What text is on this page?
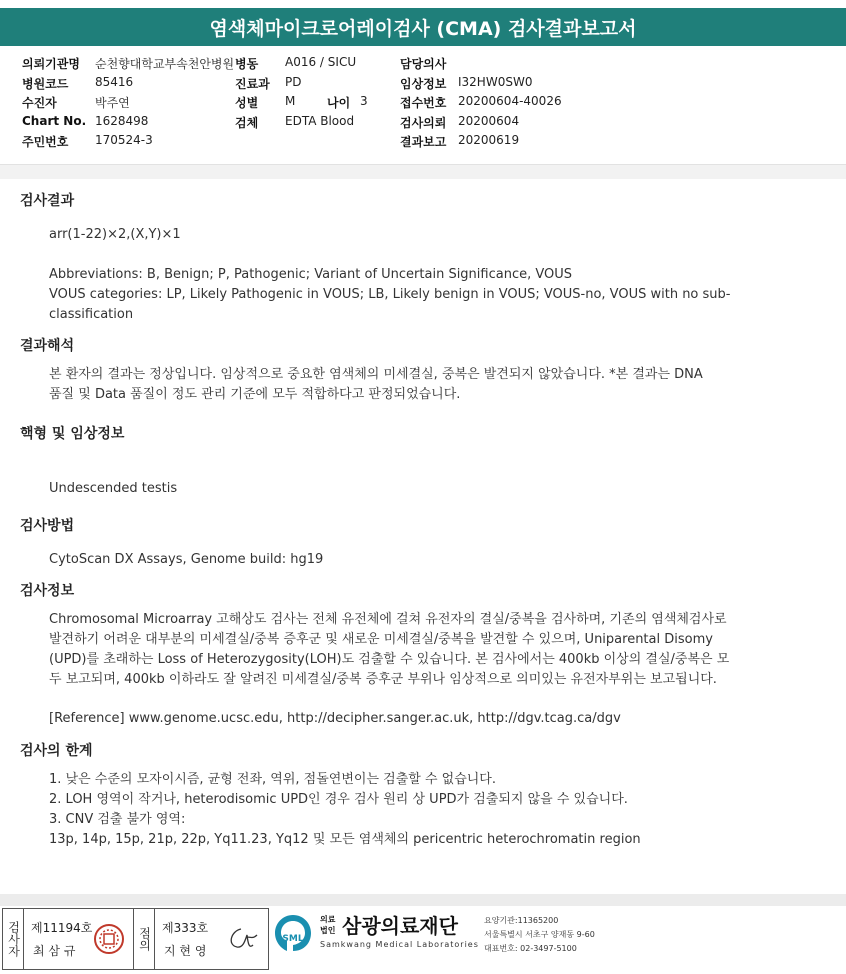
염색체마이크로어레이검사 (CMA) 검사결과보고서
의뢰기관명 순천향대학교부속천안병원
병원코드 85416
수진자	박주연
Chart No. 1628498
주민번호 170524-3
병동 A016 / SICU
진료과 PD
성별 M	나이 3
검체 EDTA Blood
담당의사
임상정보 I32HW0SW0
접수번호 20200604-40026
검사의뢰 20200604
결과보고 20200619
검사결과
arr(1-22)×2,(X,Y)×1
Abbreviations: B, Benign; P, Pathogenic; Variant of Uncertain Significance, VOUS
VOUS categories: LP, Likely Pathogenic in VOUS; LB, Likely benign in VOUS; VOUS-no, VOUS with no sub-
classification
결과해석
본 환자의 결과는 정상입니다. 임상적으로 중요한 염색체의 미세결실, 중복은 발견되지 않았습니다. *본 결과는 DNA
품질 및 Data 품질이 정도 관리 기준에 모두 적합하다고 판정되었습니다.
핵형 및 임상정보
Undescended testis
검사방법
CytoScan DX Assays, Genome build: hg19
검사정보
Chromosomal Microarray 고해상도 검사는 전체 유전체에 걸쳐 유전자의 결실/중복을 검사하며, 기존의 염색체검사로
발견하기 어려운 대부분의 미세결실/중복 증후군 및 새로운 미세결실/중복을 발견할 수 있으며, Uniparental Disomy
(UPD)를 초래하는 Loss of Heterozygosity(LOH)도 검출할 수 있습니다. 본 검사에서는 400kb 이상의 결실/중복은 모
두 보고되며, 400kb 이하라도 잘 알려진 미세결실/중복 증후군 부위나 임상적으로 의미있는 유전자부위는 보고됩니다.
[Reference] www.genome.ucsc.edu, http://decipher.sanger.ac.uk, http://dgv.tcag.ca/dgv
검사의 한계
1. 낮은 수준의 모자이시즘, 균형 전좌, 역위, 점돌연변이는 검출할 수 없습니다.
2. LOH 영역이 작거나, heterodisomic UPD인 경우 검사 원리 상 UPD가 검출되지 않을 수 있습니다.
3. CNV 검출 불가 영역:
13p, 14p, 15p, 21p, 22p, Yq11.23, Yq12 및 모든 염색체의 pericentric heterochromatin region
검사자 제11194호
최 삼 규	점의 제333호
지 현 영
SML
의료
법인 삼광의료재단
Samkwang Medical Laboratories
요양기관:11365200
서울특별시 서초구 양재동 9-60
대표번호: 02-3497-5100
